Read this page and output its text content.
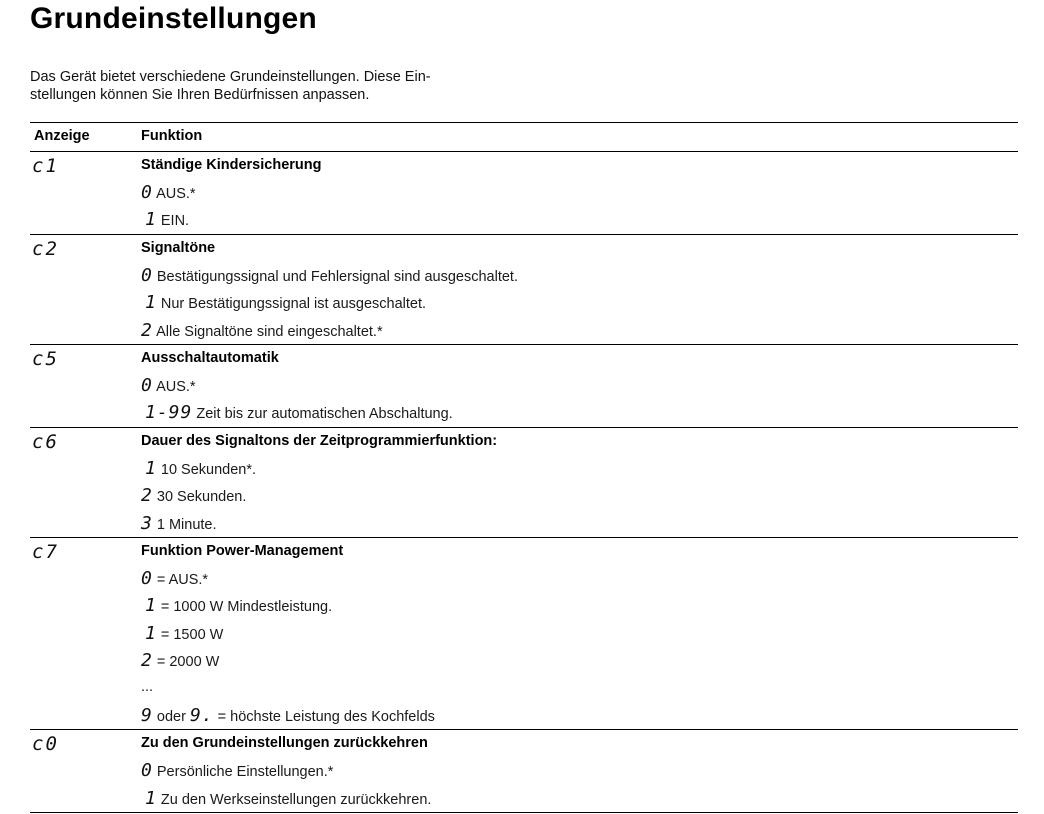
Grundeinstellungen
Das Gerät bietet verschiedene Grundeinstellungen. Diese Ein-
stellungen können Sie Ihren Bedürfnissen anpassen.
Anzeige	Funktion
c1	Ständige Kindersicherung
0 AUS.*
1 EIN.
c2	Signaltöne
0 Bestätigungssignal und Fehlersignal sind ausgeschaltet.
1 Nur Bestätigungssignal ist ausgeschaltet.
2 Alle Signaltöne sind eingeschaltet.*
c5	Ausschaltautomatik
0 AUS.*
1-99 Zeit bis zur automatischen Abschaltung.
c6	Dauer des Signaltons der Zeitprogrammierfunktion:
1 10 Sekunden*.
2 30 Sekunden.
3 1 Minute.
c7	Funktion Power-Management
0 = AUS.*
1 = 1000 W Mindestleistung.
1 = 1500 W
2 = 2000 W
...
9 oder 9. = höchste Leistung des Kochfelds
c0	Zu den Grundeinstellungen zurückkehren
0 Persönliche Einstellungen.*
1 Zu den Werkseinstellungen zurückkehren.
